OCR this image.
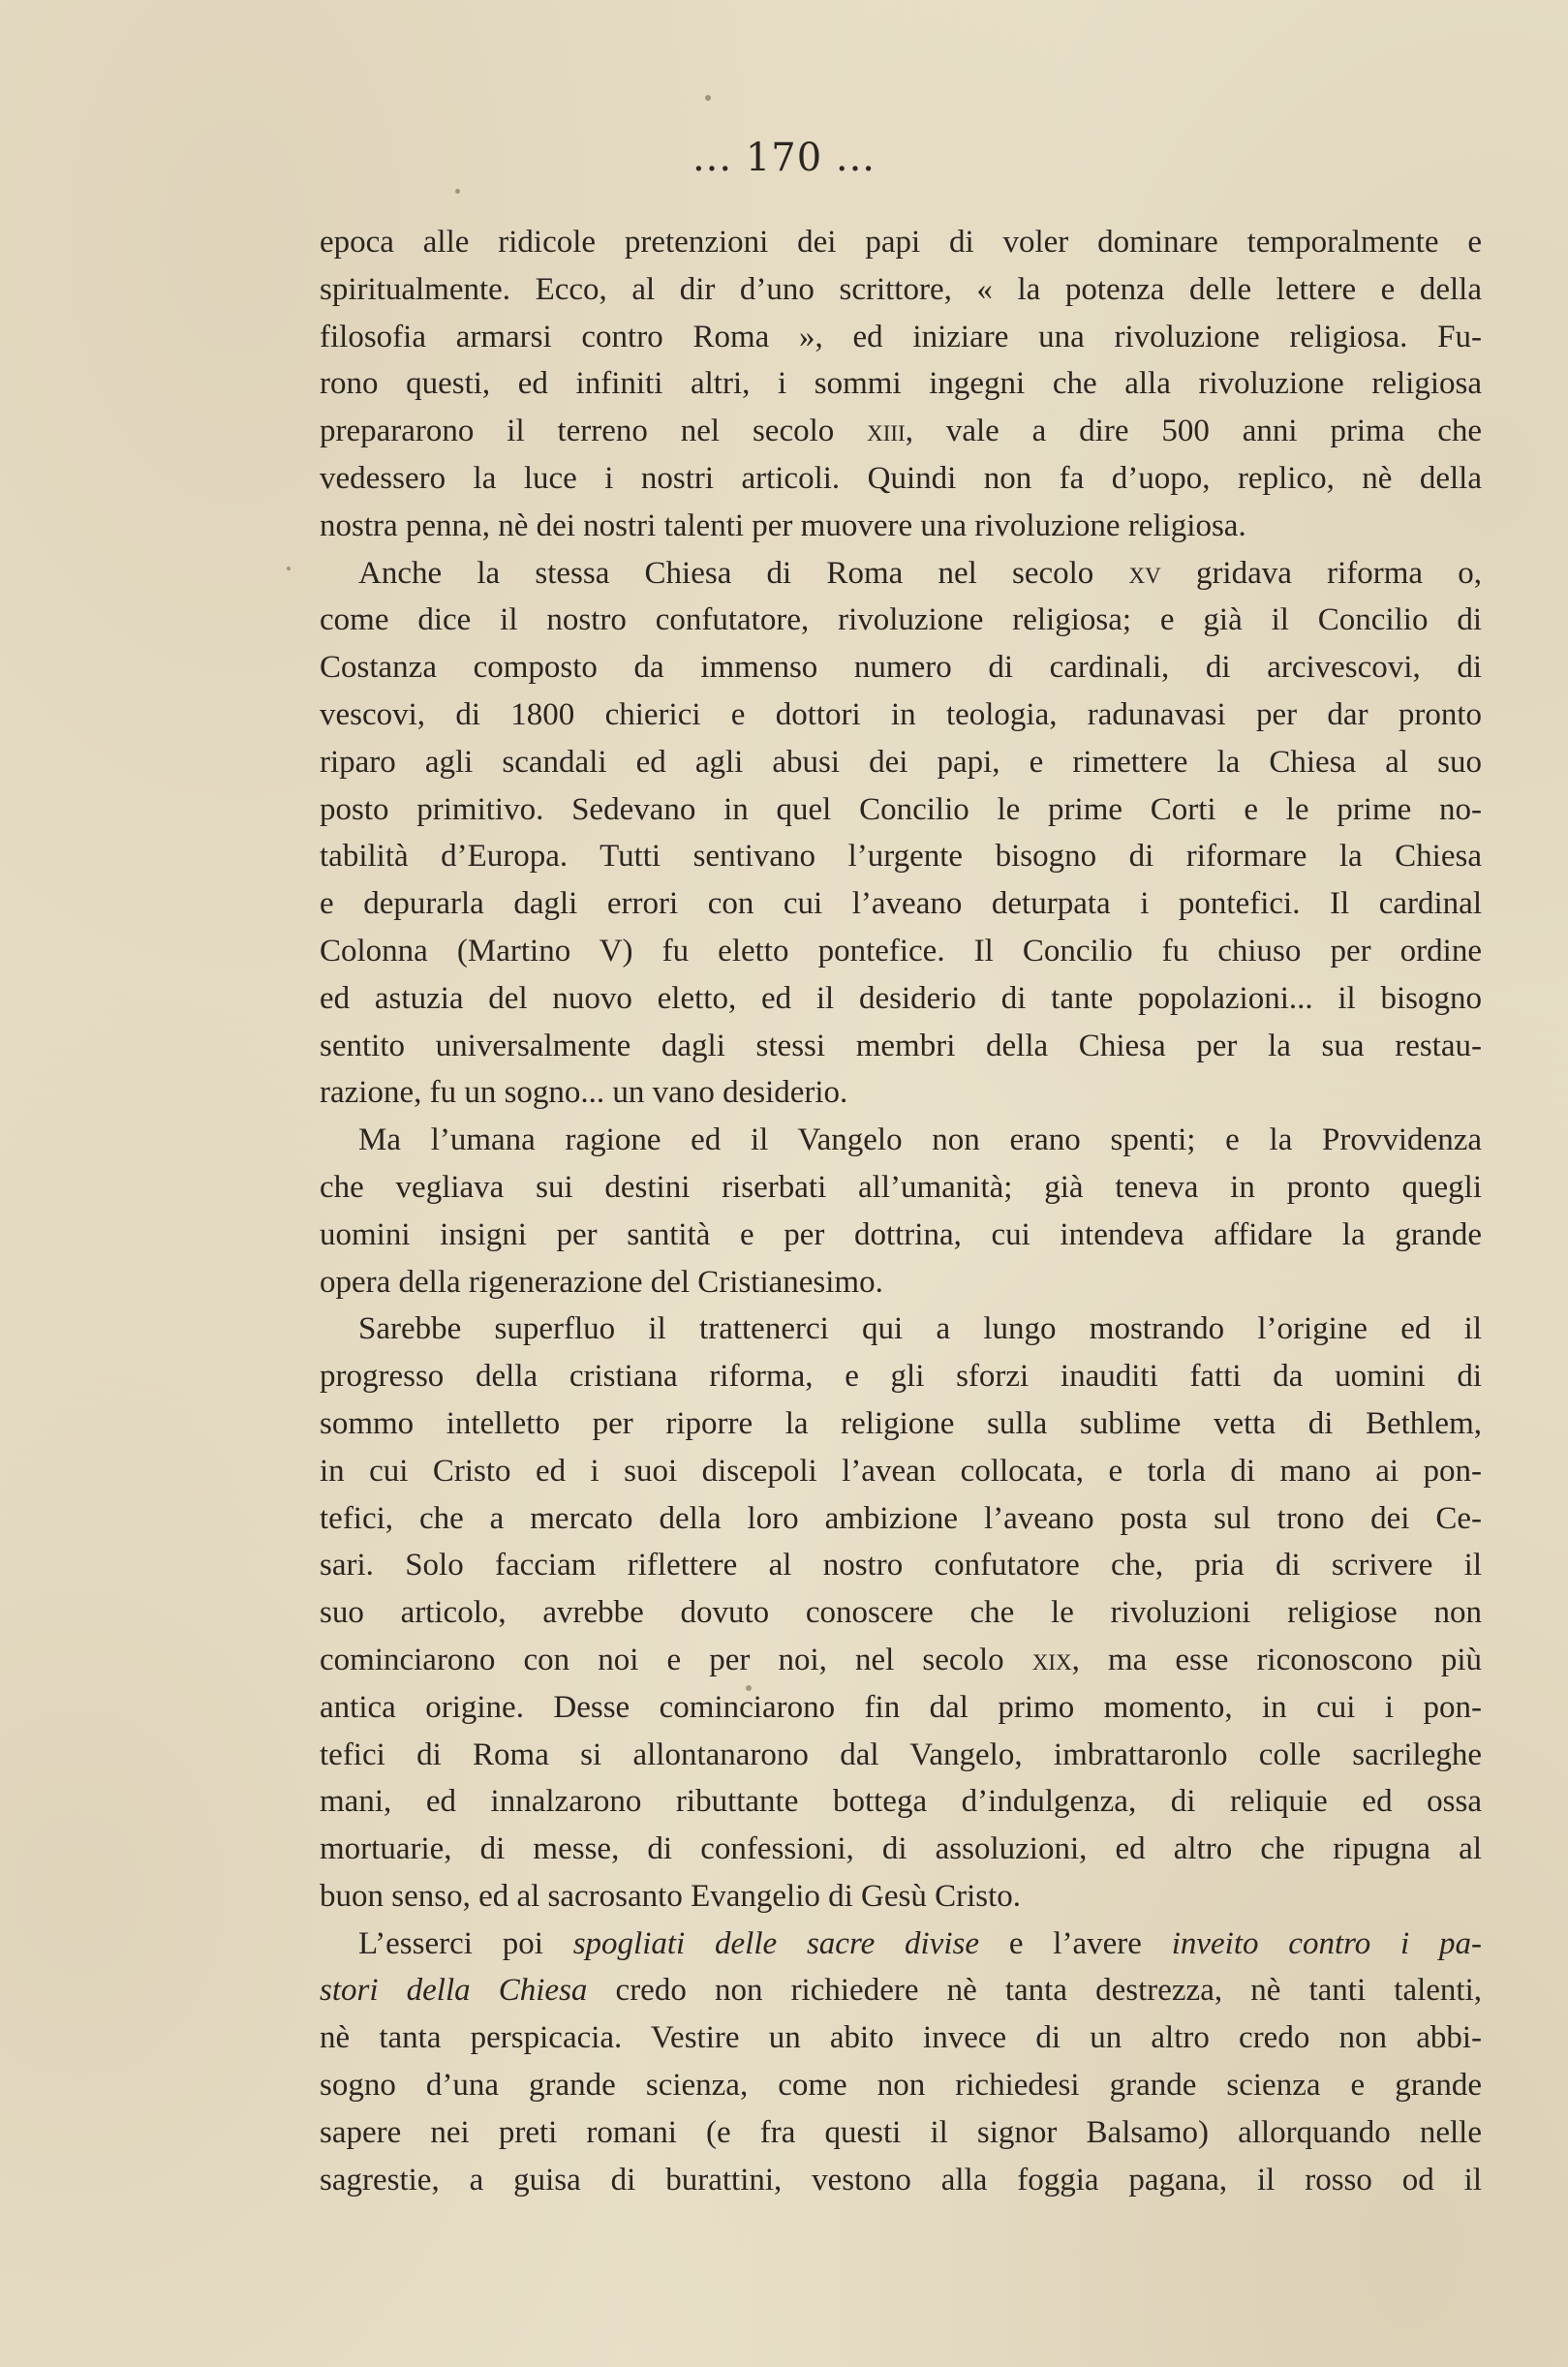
... 170 ...
epoca alle ridicole pretenzioni dei papi di voler dominare temporalmente e
spiritualmente. Ecco, al dir d’uno scrittore, « la potenza delle lettere e della
filosofia armarsi contro Roma », ed iniziare una rivoluzione religiosa. Fu-
rono questi, ed infiniti altri, i sommi ingegni che alla rivoluzione religiosa
prepararono il terreno nel secolo xiii, vale a dire 500 anni prima che
vedessero la luce i nostri articoli. Quindi non fa d’uopo, replico, nè della
nostra penna, nè dei nostri talenti per muovere una rivoluzione religiosa.
Anche la stessa Chiesa di Roma nel secolo xv gridava riforma o,
come dice il nostro confutatore, rivoluzione religiosa; e già il Concilio di
Costanza composto da immenso numero di cardinali, di arcivescovi, di
vescovi, di 1800 chierici e dottori in teologia, radunavasi per dar pronto
riparo agli scandali ed agli abusi dei papi, e rimettere la Chiesa al suo
posto primitivo. Sedevano in quel Concilio le prime Corti e le prime no-
tabilità d’Europa. Tutti sentivano l’urgente bisogno di riformare la Chiesa
e depurarla dagli errori con cui l’aveano deturpata i pontefici. Il cardinal
Colonna (Martino V) fu eletto pontefice. Il Concilio fu chiuso per ordine
ed astuzia del nuovo eletto, ed il desiderio di tante popolazioni... il bisogno
sentito universalmente dagli stessi membri della Chiesa per la sua restau-
razione, fu un sogno... un vano desiderio.
Ma l’umana ragione ed il Vangelo non erano spenti; e la Provvidenza
che vegliava sui destini riserbati all’umanità; già teneva in pronto quegli
uomini insigni per santità e per dottrina, cui intendeva affidare la grande
opera della rigenerazione del Cristianesimo.
Sarebbe superfluo il trattenerci qui a lungo mostrando l’origine ed il
progresso della cristiana riforma, e gli sforzi inauditi fatti da uomini di
sommo intelletto per riporre la religione sulla sublime vetta di Bethlem,
in cui Cristo ed i suoi discepoli l’avean collocata, e torla di mano ai pon-
tefici, che a mercato della loro ambizione l’aveano posta sul trono dei Ce-
sari. Solo facciam riflettere al nostro confutatore che, pria di scrivere il
suo articolo, avrebbe dovuto conoscere che le rivoluzioni religiose non
cominciarono con noi e per noi, nel secolo xix, ma esse riconoscono più
antica origine. Desse cominciarono fin dal primo momento, in cui i pon-
tefici di Roma si allontanarono dal Vangelo, imbrattaronlo colle sacrileghe
mani, ed innalzarono ributtante bottega d’indulgenza, di reliquie ed ossa
mortuarie, di messe, di confessioni, di assoluzioni, ed altro che ripugna al
buon senso, ed al sacrosanto Evangelio di Gesù Cristo.
L’esserci poi spogliati delle sacre divise e l’avere inveito contro i pa-
stori della Chiesa credo non richiedere nè tanta destrezza, nè tanti talenti,
nè tanta perspicacia. Vestire un abito invece di un altro credo non abbi-
sogno d’una grande scienza, come non richiedesi grande scienza e grande
sapere nei preti romani (e fra questi il signor Balsamo) allorquando nelle
sagrestie, a guisa di burattini, vestono alla foggia pagana, il rosso od il
